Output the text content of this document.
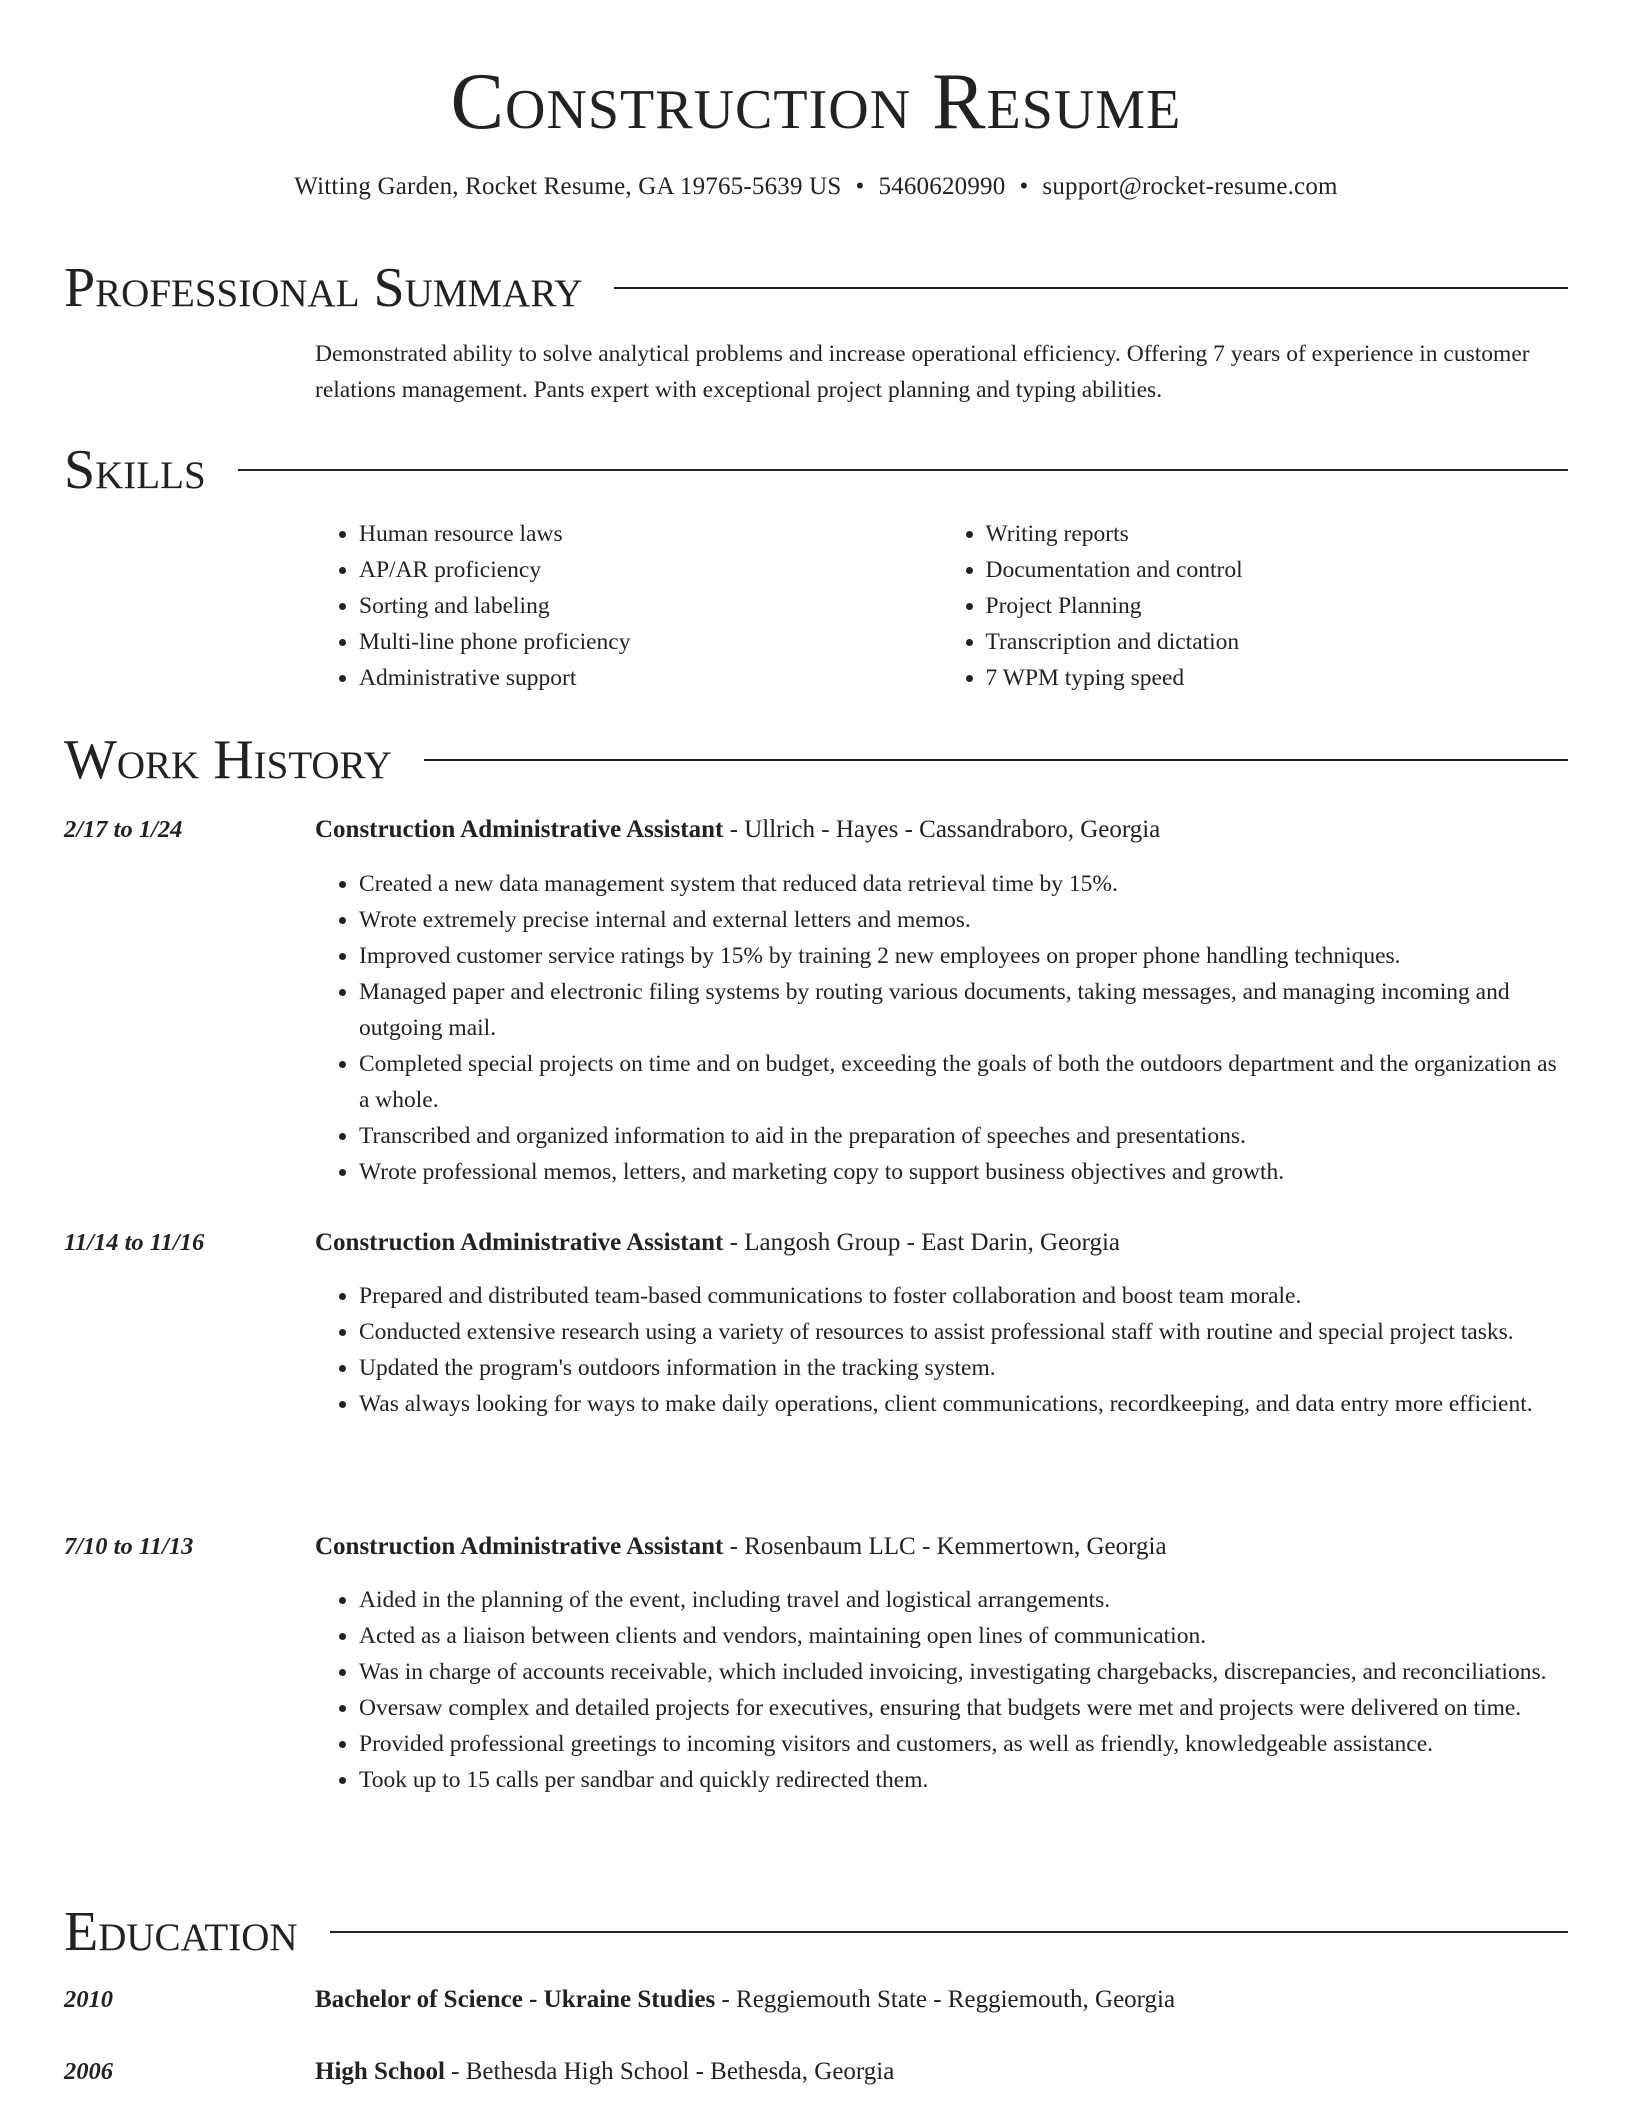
Construction Resume
Witting Garden, Rocket Resume, GA 19765-5639 US • 5460620990 • support@rocket-resume.com
Professional Summary

Demonstrated ability to solve analytical problems and increase operational efficiency. Offering 7 years of experience in customer relations management. Pants expert with exceptional project planning and typing abilities.

Skills
• Human resource laws
• AP/AR proficiency
• Sorting and labeling
• Multi-line phone proficiency
• Administrative support
• Writing reports
• Documentation and control
• Project Planning
• Transcription and dictation
• 7 WPM typing speed
Work History
2/17 to 1/24	Construction Administrative Assistant - Ullrich - Hayes - Cassandraboro, Georgia
• Created a new data management system that reduced data retrieval time by 15%.
• Wrote extremely precise internal and external letters and memos.
• Improved customer service ratings by 15% by training 2 new employees on proper phone handling techniques.
• Managed paper and electronic filing systems by routing various documents, taking messages, and managing incoming and outgoing mail.
• Completed special projects on time and on budget, exceeding the goals of both the outdoors department and the organization as a whole.
• Transcribed and organized information to aid in the preparation of speeches and presentations.
• Wrote professional memos, letters, and marketing copy to support business objectives and growth.
11/14 to 11/16	Construction Administrative Assistant - Langosh Group - East Darin, Georgia
• Prepared and distributed team-based communications to foster collaboration and boost team morale.
• Conducted extensive research using a variety of resources to assist professional staff with routine and special project tasks.
• Updated the program's outdoors information in the tracking system.
• Was always looking for ways to make daily operations, client communications, recordkeeping, and data entry more efficient.
7/10 to 11/13	Construction Administrative Assistant - Rosenbaum LLC - Kemmertown, Georgia
• Aided in the planning of the event, including travel and logistical arrangements.
• Acted as a liaison between clients and vendors, maintaining open lines of communication.
• Was in charge of accounts receivable, which included invoicing, investigating chargebacks, discrepancies, and reconciliations.
• Oversaw complex and detailed projects for executives, ensuring that budgets were met and projects were delivered on time.
• Provided professional greetings to incoming visitors and customers, as well as friendly, knowledgeable assistance.
• Took up to 15 calls per sandbar and quickly redirected them.
Education
2010	Bachelor of Science - Ukraine Studies - Reggiemouth State - Reggiemouth, Georgia
2006	High School - Bethesda High School - Bethesda, Georgia
